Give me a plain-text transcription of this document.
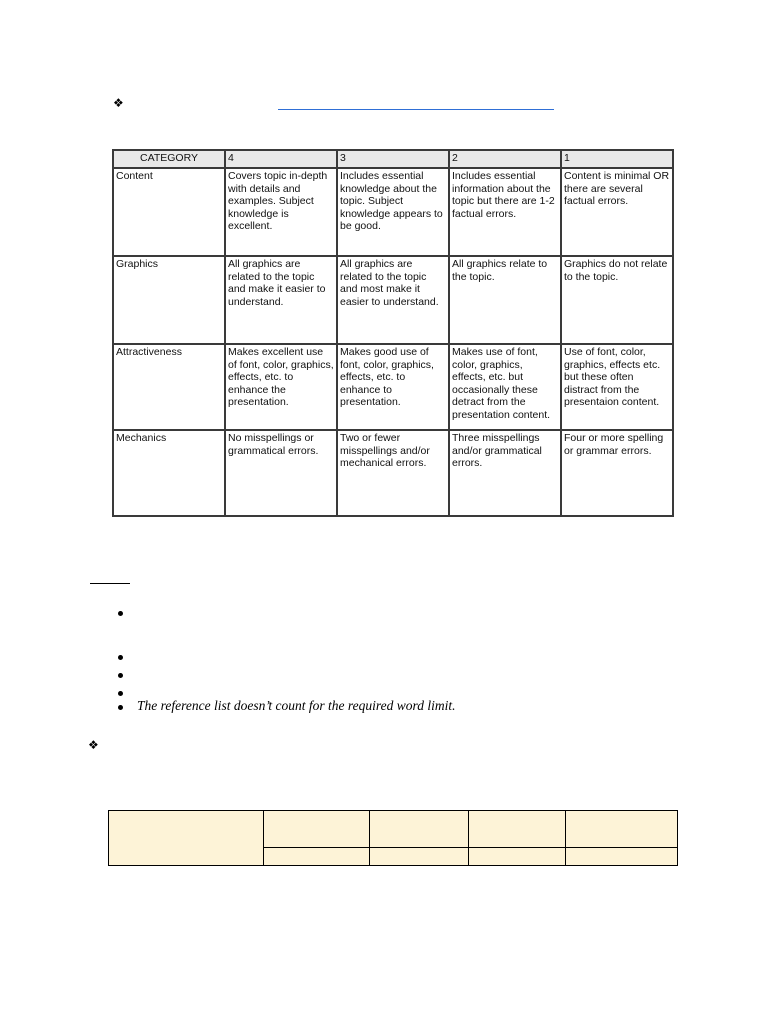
❖
CATEGORY	4	3	2	1
Content	Covers topic in-depth with details and examples. Subject knowledge is excellent.	Includes essential knowledge about the topic. Subject knowledge appears to be good.	Includes essential information about the topic but there are 1-2 factual errors.	Content is minimal OR there are several factual errors.
Graphics	All graphics are related to the topic and make it easier to understand.	All graphics are related to the topic and most make it easier to understand.	All graphics relate to the topic.	Graphics do not relate to the topic.
Attractiveness	Makes excellent use of font, color, graphics, effects, etc. to enhance the presentation.	Makes good use of font, color, graphics, effects, etc. to enhance to presentation.	Makes use of font, color, graphics, effects, etc. but occasionally these detract from the presentation content.	Use of font, color, graphics, effects etc. but these often distract from the presentaion content.
Mechanics	No misspellings or grammatical errors.	Two or fewer misspellings and/or mechanical errors.	Three misspellings and/or grammatical errors.	Four or more spelling or grammar errors.
The reference list doesn’t count for the required word limit.
❖
